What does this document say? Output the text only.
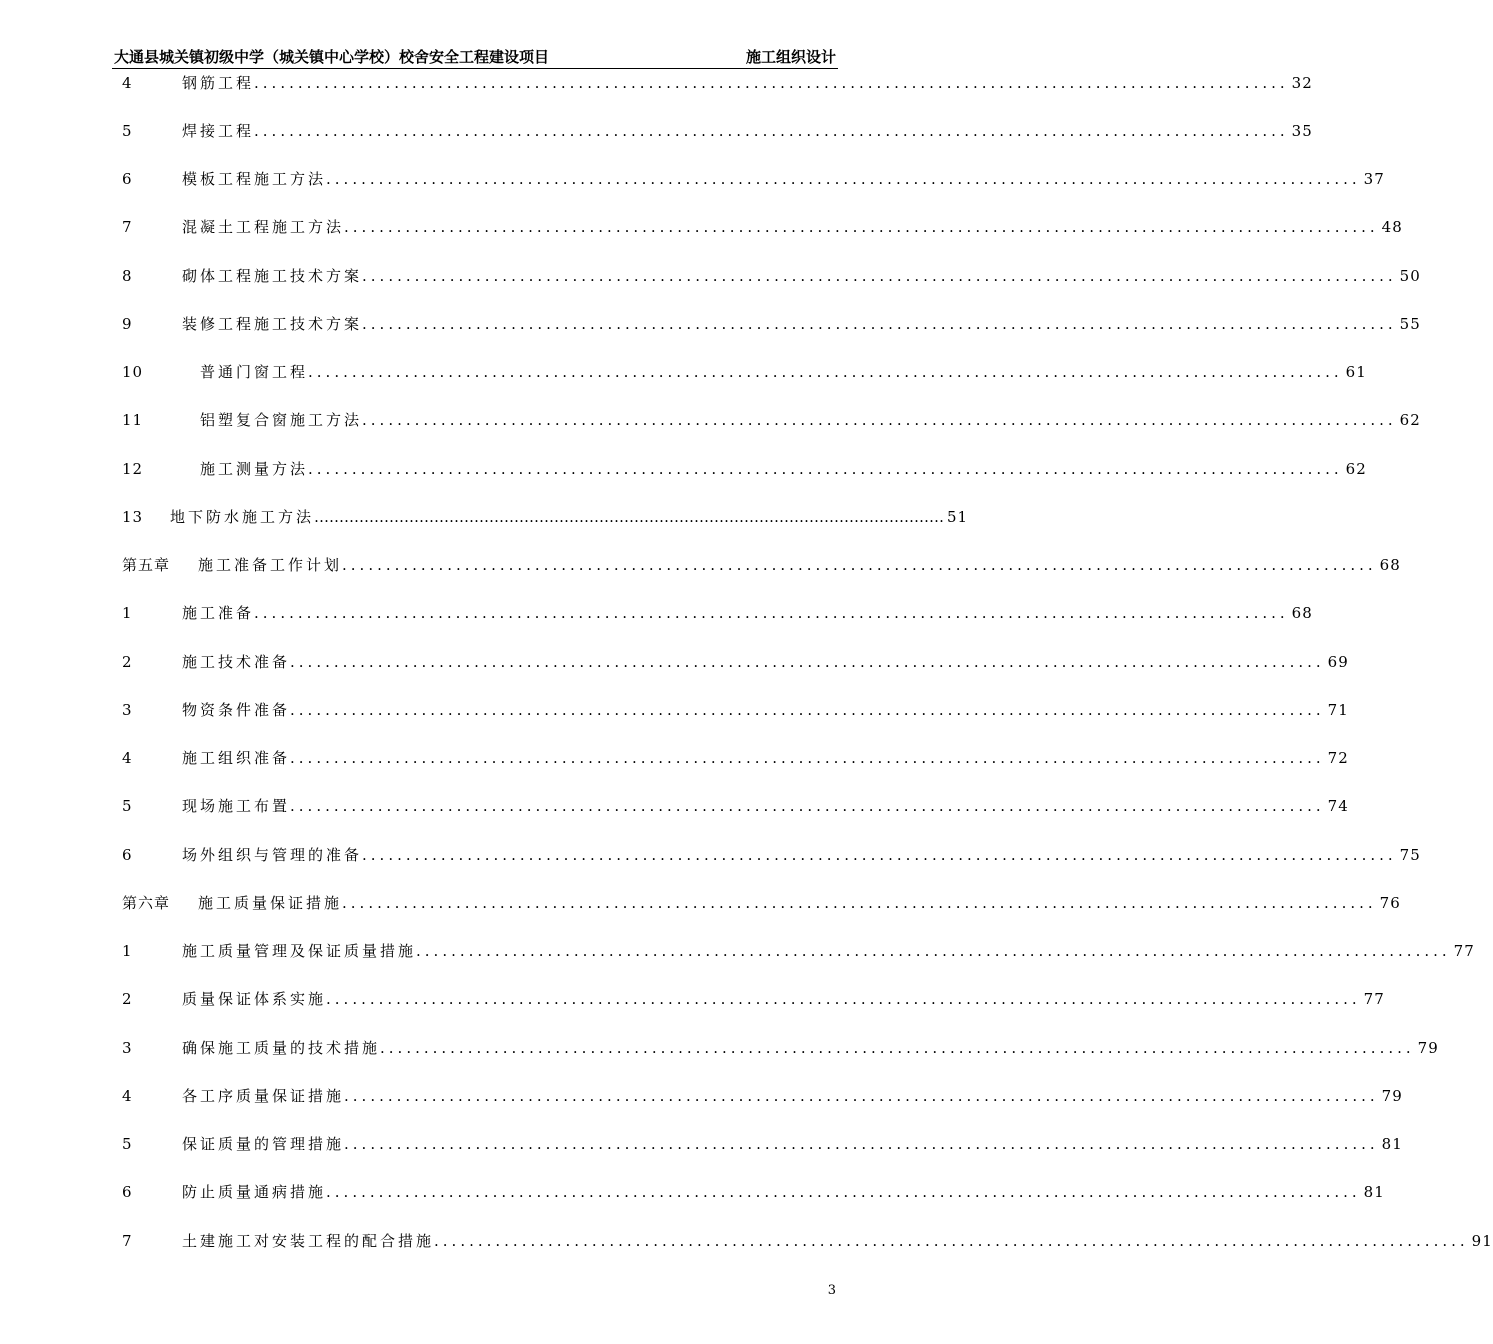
大通县城关镇初级中学（城关镇中心学校）校舍安全工程建设项目	施工组织设计
4	钢筋工程 ...................................................................................................................... 32
5	焊接工程 ...................................................................................................................... 35
6	模板工程施工方法 ...................................................................................................................... 37
7	混凝土工程施工方法 ...................................................................................................................... 48
8	砌体工程施工技术方案 ...................................................................................................................... 50
9	装修工程施工技术方案 ...................................................................................................................... 55
10	普通门窗工程 ...................................................................................................................... 61
11	铝塑复合窗施工方法 ...................................................................................................................... 62
12	施工测量方法 ...................................................................................................................... 62
13	地下防水施工方法 ……………………………………………………………………………………………………………… 51
第五章	施工准备工作计划 ...................................................................................................................... 68
1	施工准备 ...................................................................................................................... 68
2	施工技术准备 ...................................................................................................................... 69
3	物资条件准备 ...................................................................................................................... 71
4	施工组织准备 ...................................................................................................................... 72
5	现场施工布置 ...................................................................................................................... 74
6	场外组织与管理的准备 ...................................................................................................................... 75
第六章	施工质量保证措施 ...................................................................................................................... 76
1	施工质量管理及保证质量措施 ...................................................................................................................... 77
2	质量保证体系实施 ...................................................................................................................... 77
3	确保施工质量的技术措施 ...................................................................................................................... 79
4	各工序质量保证措施 ...................................................................................................................... 79
5	保证质量的管理措施 ...................................................................................................................... 81
6	防止质量通病措施 ...................................................................................................................... 81
7	土建施工对安装工程的配合措施 ...................................................................................................................... 91
3
